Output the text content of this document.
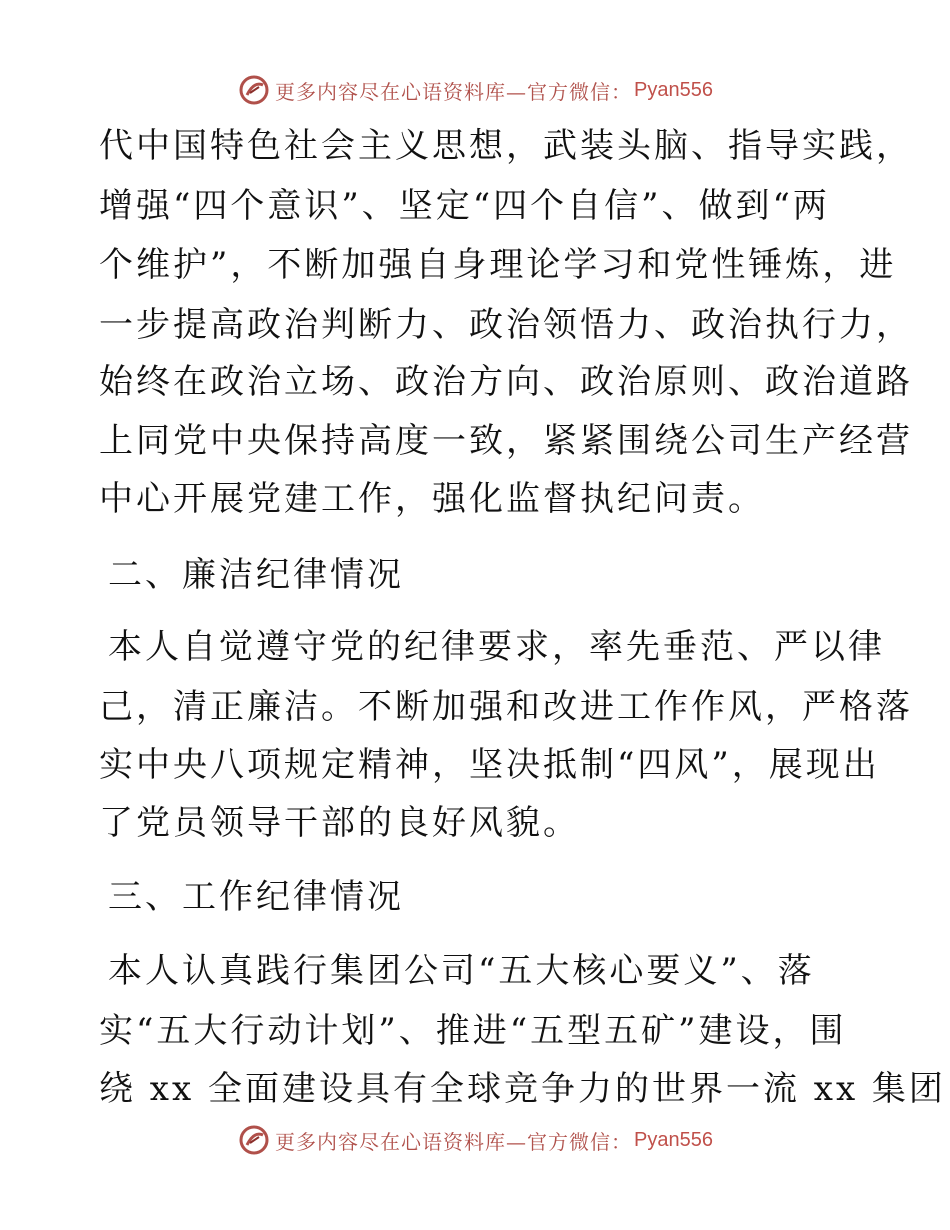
更多内容尽在心语资料库—官方微信： Pyan556
代中国特色社会主义思想，武装头脑、指导实践，
增强“四个意识”、坚定“四个自信”、做到“两
个维护”，不断加强自身理论学习和党性锤炼，进
一步提高政治判断力、政治领悟力、政治执行力，
始终在政治立场、政治方向、政治原则、政治道路
上同党中央保持高度一致，紧紧围绕公司生产经营
中心开展党建工作，强化监督执纪问责。
二、廉洁纪律情况
本人自觉遵守党的纪律要求，率先垂范、严以律
己，清正廉洁。不断加强和改进工作作风，严格落
实中央八项规定精神，坚决抵制“四风”，展现出
了党员领导干部的良好风貌。
三、工作纪律情况
本人认真践行集团公司“五大核心要义”、落
实“五大行动计划”、推进“五型五矿”建设，围
绕 xx 全面建设具有全球竞争力的世界一流 xx 集团
更多内容尽在心语资料库—官方微信： Pyan556
